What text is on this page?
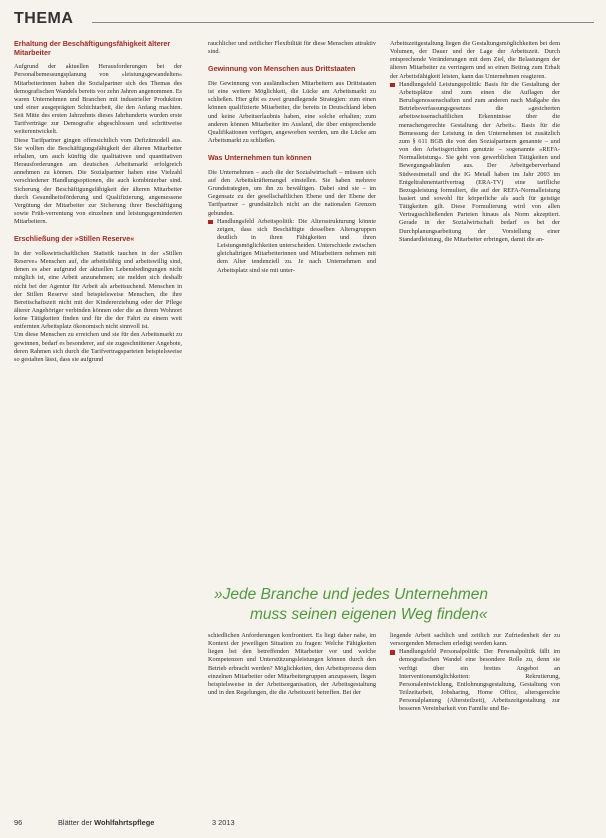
THEMA
Erhaltung der Beschäftigungsfähigkeit älterer Mitarbeiter

Aufgrund der aktuellen Herausforderungen bei der Personalbemessungsplanung von »leistungsgewandelten« Mitarbeiterinnen haben die Sozialpartner sich des Themas des demografischen Wandels bereits vor zehn Jahren angenommen. Es waren Unternehmen und Branchen mit industrieller Produktion und einer ausgeprägten Schichtarbeit, die den Anfang machten. Seit Mitte des ersten Jahrzehnts dieses Jahrhunderts wurden erste Tarifverträge zur Demografie abgeschlossen und schrittweise weiterentwickelt.

Diese Tarifpartner gingen offensichtlich vom Defizitmodell aus. Sie wollten die Beschäftigungsfähigkeit der älteren Mitarbeiter erhalten, um auch künftig die qualitativen und quantitativen Herausforderungen am deutschen Arbeitsmarkt erfolgreich annehmen zu können. Die Sozialpartner haben eine Vielzahl verschiedener Handlungsoptionen, die auch kombinierbar sind. Sicherung der Beschäftigungsfähigkeit der älteren Mitarbeiter durch Gesundheitsförderung und Qualifizierung, angemessene Vergütung der Mitarbeiter zur Sicherung ihrer Beschäftigung sowie Früh-verrentung von einzelnen und leistungsgeminderten Mitarbeitern.

Erschließung der »Stillen Reserve«

In der volkswirtschaftlichen Statistik tauchen in der »Stillen Reserve« Menschen auf, die arbeitsfähig und arbeitswillig sind, denen es aber aufgrund der aktuellen Lebensbedingungen nicht möglich ist, eine Arbeit anzunehmen; sie melden sich deshalb nicht bei der Agentur für Arbeit als arbeitsuchend. Menschen in der Stillen Reserve sind beispielsweise Menschen, die ihre Bereitschaftszeit nicht mit der Kindererziehung oder der Pflege älterer Angehöriger verbinden können oder die an ihrem Wohnort keine Tätigkeiten finden und für die der Fahrt zu einem weit entfernten Arbeitsplatz ökonomisch nicht sinnvoll ist.

Um diese Menschen zu erreichen und sie für den Arbeitsmarkt zu gewinnen, bedarf es besonderer, auf sie zugeschnittener Angebote, deren Rahmen sich durch die Tarifvertragsparteien beispielsweise so gestalten lässt, dass sie aufgrund

rauchlicher und zeitlicher Flexibilität für diese Menschen attraktiv sind.

Gewinnung von Menschen aus Drittstaaten

Die Gewinnung von ausländischen Mitarbeitern aus Drittstaaten ist eine weitere Möglichkeit, die Lücke am Arbeitsmarkt zu schließen. Hier gibt es zwei grundlegende Strategien: zum einen können qualifizierte Mitarbeiter, die bereits in Deutschland leben und keine Arbeitserlaubnis haben, eine solche erhalten; zum anderen können Mitarbeiter im Ausland, die über entsprechende Qualifikationen verfügen, angeworben werden, um die Lücke am Arbeitsmarkt zu schließen.

Was Unternehmen tun können

Die Unternehmen – auch die der Sozialwirtschaft – müssen sich auf den Arbeitskräftemangel einstellen. Sie haben mehrere Grundstrategien, um ihn zu bewältigen. Dabei sind sie – im Gegensatz zu der gesellschaftlichen Ebene und der Ebene der Tarifpartner – grundsätzlich nicht an die nationalen Grenzen gebunden.

Handlungsfeld Arbeitspolitik: Die Altersstrukturung könnte zeigen, dass sich Beschäftigte desselben Altersgruppen deutlich in ihren Fähigkeiten und ihren Leistungsmöglichkeiten unterscheiden. Unterschiede zwischen gleichaltrigen Mitarbeiterinnen und Mitarbeitern nehmen mit dem Alter tendenziell zu. Je nach Unternehmen und Arbeitsplatz sind sie mit unter-

Arbeitszeitgestaltung liegen die Gestaltungsmöglichkeiten bei dem Volumen, der Dauer und der Lage der Arbeitszeit. Durch entsprechende Veränderungen mit dem Ziel, die Belastungen der älteren Mitarbeiter zu verringern und so einen Beitrag zum Erhalt der Arbeitsfähigkeit leisten, kann das Unternehmen reagieren.

Handlungsfeld Leistungspolitik: Basis für die Gestaltung der Arbeitsplätze sind zum einen die Auflagen der Berufsgenossenschaften und zum anderen nach Maßgabe des Betriebsverfassungsgesetzes die »gesicherten arbeitswissenschaftlichen Erkenntnisse über die menschengerechte Gestaltung der Arbeit«. Basis für die Bemessung der Leistung in den Unternehmen ist zusätzlich zum § 611 BGB die von den Sozialpartnern genannte – und von den Arbeitsgerichten genutzte – sogenannte »REFA-Normalleistung«. Sie geht von gewerblichen Tätigkeiten und Bewegungsabläufen aus. Der Arbeitgeberverband Südwestmetall und die IG Metall haben im Jahr 2003 im Entgeltrahmentarifvertrag (ERA-TV) eine tarifliche Bezugsleistung formuliert, die auf der REFA-Normalleistung basiert und sowohl für körperliche als auch für geistige Tätigkeiten gilt. Diese Formulierung wird von allen Vertragsschließenden Parteien hinaus als Norm akzeptiert. Gerade in der Sozialwirtschaft bedarf es bei der Durchplanungsarbeitung der Vorstellung einer Standardleistung, die Mitarbeiter erbringen, damit die an-

»Jede Branche und jedes Unternehmen
muss seinen eigenen Weg finden«

schiedlichen Anforderungen konfrontiert. Es liegt daher nahe, im Kontext der jeweiligen Situation zu fragen: Welche Fähigkeiten liegen bei den betreffenden Mitarbeiter vor und welche Kompetenzen und Unterstützungsleistungen können durch den Betrieb erbracht werden? Möglichkeiten, den Arbeitsprozess dem einzelnen Mitarbeiter oder Mitarbeitergruppen anzupassen, liegen beispielsweise in der Arbeitsorganisation, der Arbeitsgestaltung und in den Regelungen, die die Arbeitszeit betreffen. Bei der

liegende Arbeit sachlich und zeitlich zur Zufriedenheit der zu versorgenden Menschen erledigt werden kann.

Handlungsfeld Personalpolitik: Der Personalpolitik fällt im demografischen Wandel eine besondere Rolle zu, denn sie verfügt über ein breites Angebot an Interventionsmöglichkeiten: Rekrutierung, Personalentwicklung, Entlohnungsgestaltung, Gestaltung von Teilzeitarbeit, Jobsharing, Home Office, altersgerechte Personalplanung (Altersteilzeit), Arbeitszeitgestaltung zur besseren Vereinbarkeit von Familie und Be-

96	Blätter der Wohlfahrtspflege	3 2013
